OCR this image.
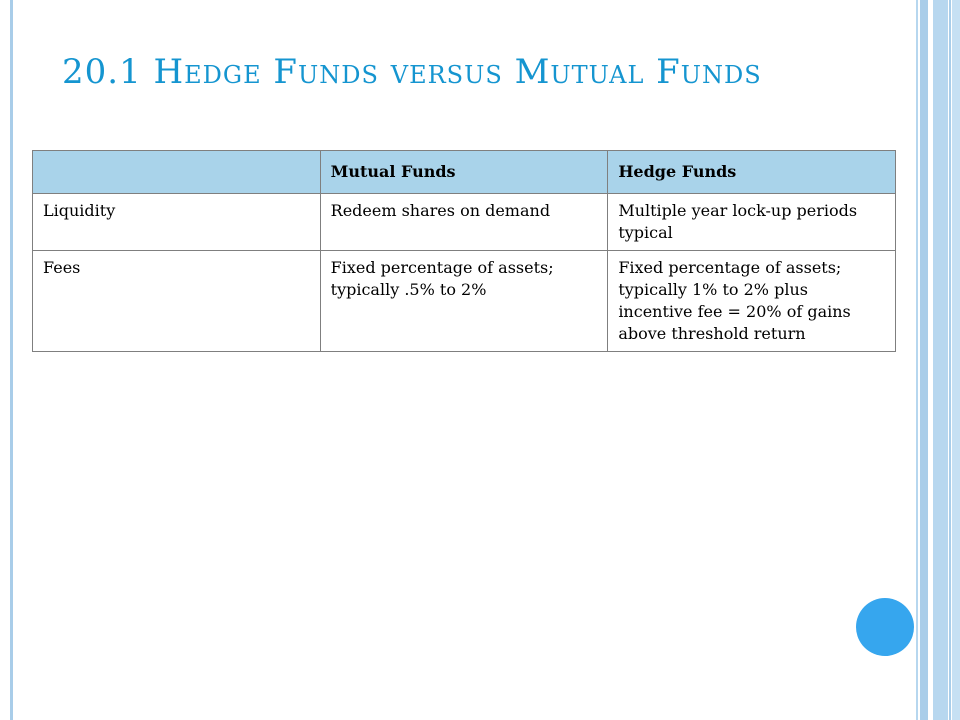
20.1 Hedge Funds versus Mutual Funds
	Mutual Funds	Hedge Funds
Liquidity	Redeem shares on demand	Multiple year lock-up periods typical
Fees	Fixed percentage of assets; typically .5% to 2%	Fixed percentage of assets; typically 1% to 2% plus incentive fee = 20% of gains above threshold return
